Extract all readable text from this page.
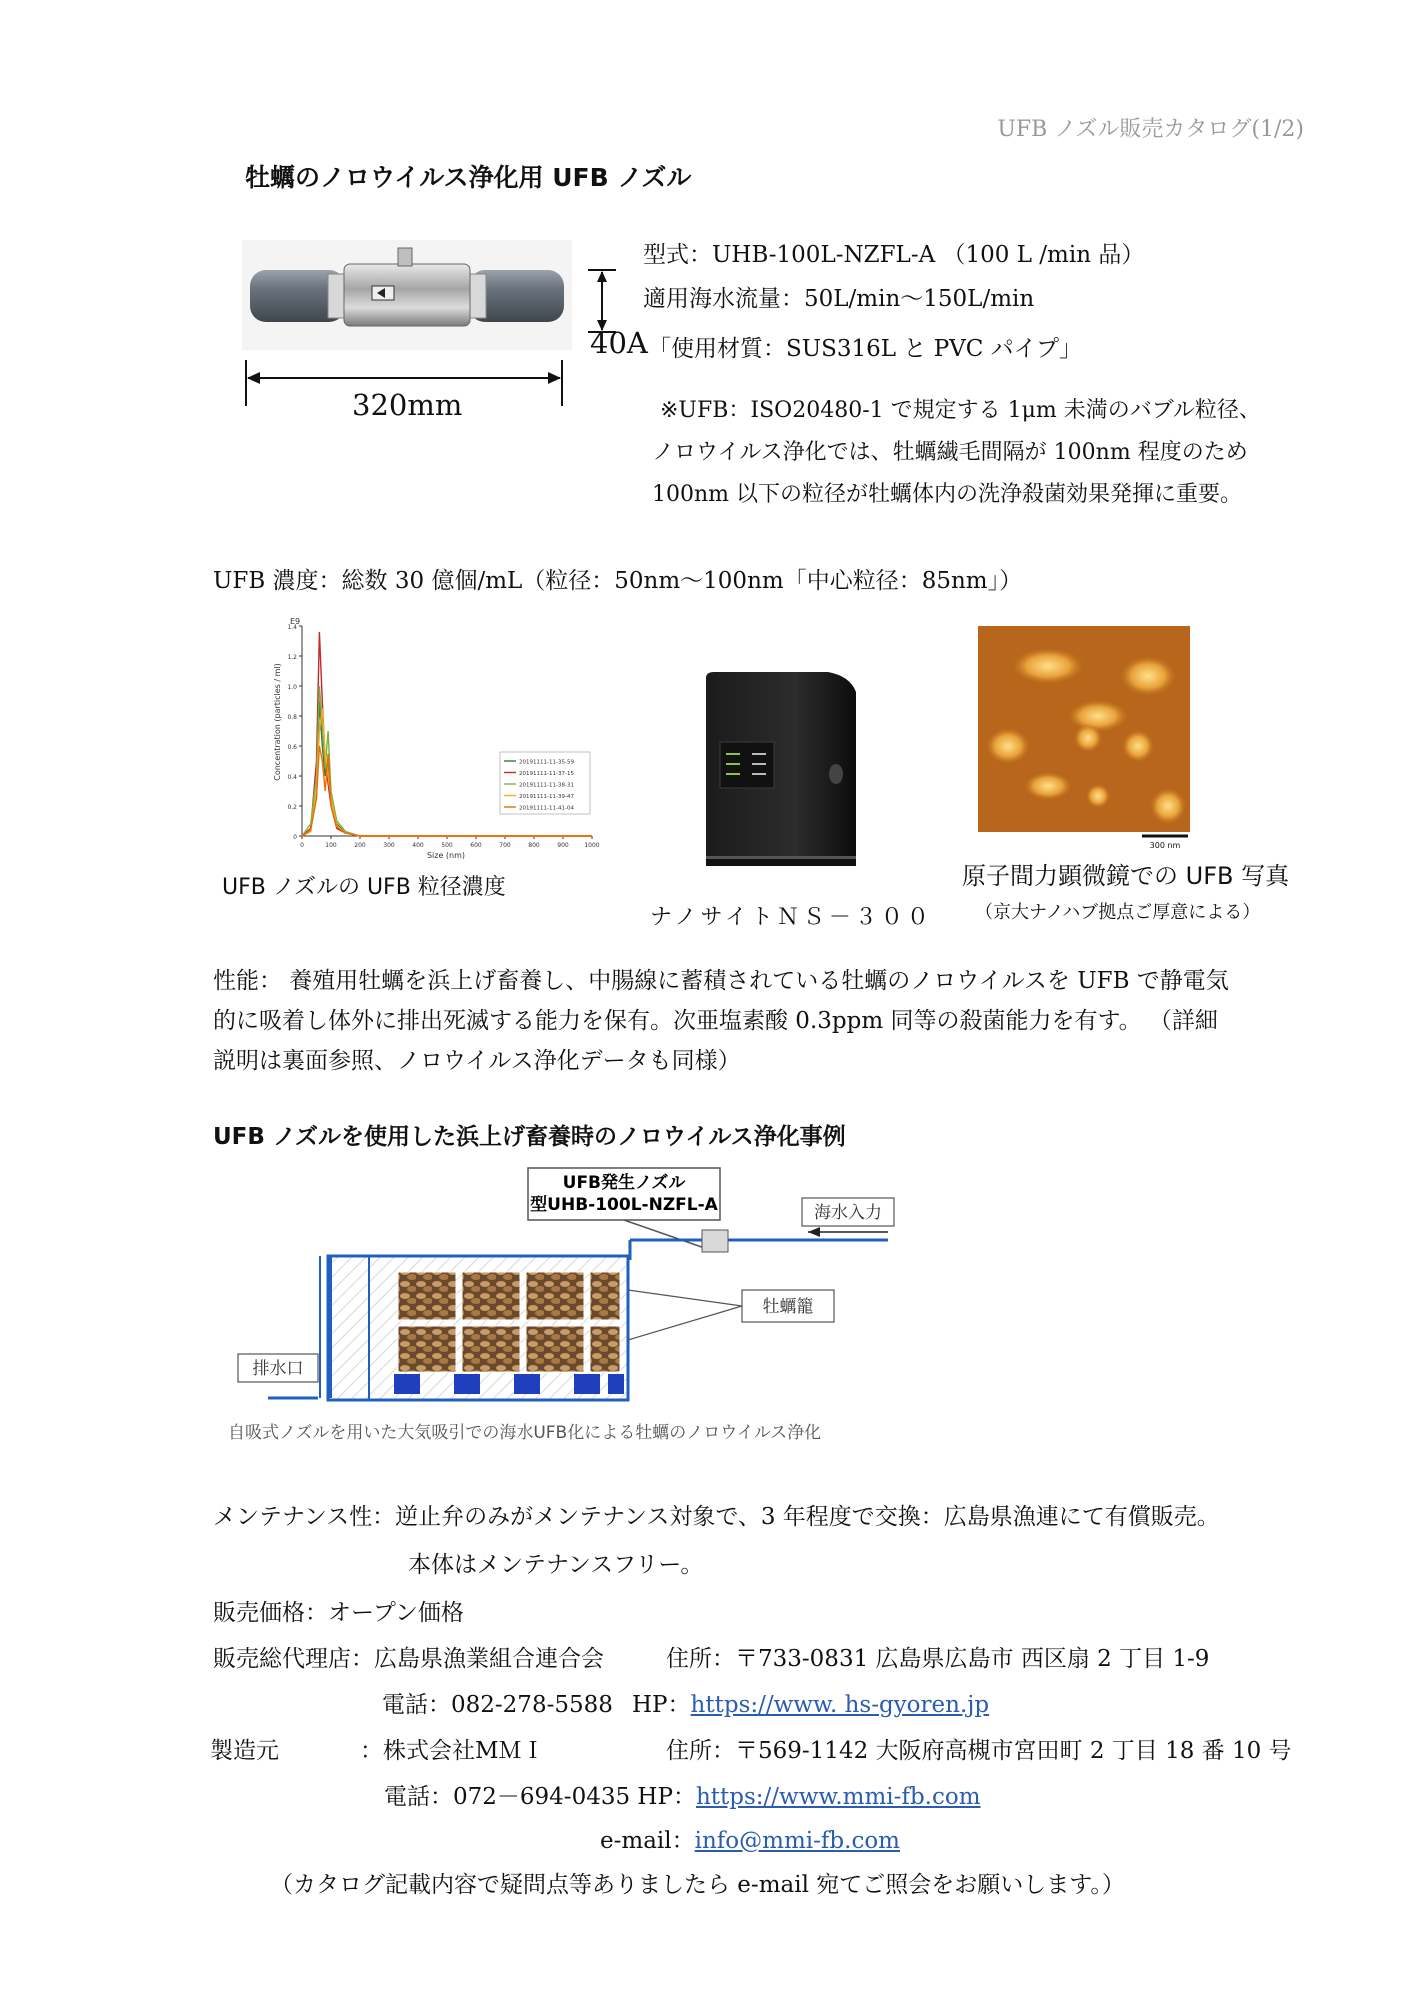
UFB ノズル販売カタログ(1/2)
牡蠣のノロウイルス浄化用 UFB ノズル
320mm
型式：UHB-100L-NZFL-A （100 L /min 品）
適用海水流量：50L/min～150L/min
40A 「使用材質：SUS316L と PVC パイプ」
※UFB：ISO20480-1 で規定する 1μm 未満のバブル粒径、
ノロウイルス浄化では、牡蠣繊毛間隔が 100nm 程度のため
100nm 以下の粒径が牡蠣体内の洗浄殺菌効果発揮に重要。
UFB 濃度：総数 30 億個/mL（粒径：50nm～100nm「中心粒径：85nm」）
Concentration (particles / ml)
Size (nm)
E9
0
0.2
0.4
0.6
0.8
1.0
1.2
1.4
0	100	200	300	400	500	600	700	800	900	1000
20191111-11-35-59
20191111-11-37-15
20191111-11-38-31
20191111-11-39-47
20191111-11-41-04
UFB ノズルの UFB 粒径濃度
ナノサイトＮＳ－３００
300 nm
原子間力顕微鏡での UFB 写真
（京大ナノハブ拠点ご厚意による）
性能： 養殖用牡蠣を浜上げ畜養し、中腸線に蓄積されている牡蠣のノロウイルスを UFB で静電気
的に吸着し体外に排出死滅する能力を保有。次亜塩素酸 0.3ppm 同等の殺菌能力を有す。 （詳細
説明は裏面参照、ノロウイルス浄化データも同様）
UFB ノズルを使用した浜上げ畜養時のノロウイルス浄化事例
UFB発生ノズル
型UHB-100L-NZFL-A	海水入力
牡蠣籠
排水口
自吸式ノズルを用いた大気吸引での海水UFB化による牡蠣のノロウイルス浄化
メンテナンス性：逆止弁のみがメンテナンス対象で、3 年程度で交換：広島県漁連にて有償販売。
本体はメンテナンスフリー。
販売価格：オープン価格
販売総代理店：広島県漁業組合連合会	住所：〒733-0831 広島県広島市 西区扇 2 丁目 1-9
電話：082-278-5588 HP：https://www. hs-gyoren.jp
製造元	：株式会社MＭＩ	住所：〒569-1142 大阪府高槻市宮田町 2 丁目 18 番 10 号
電話：072－694-0435 HP：https://www.mmi-fb.com
e-mail：info@mmi-fb.com
（カタログ記載内容で疑問点等ありましたら e-mail 宛てご照会をお願いします。）
